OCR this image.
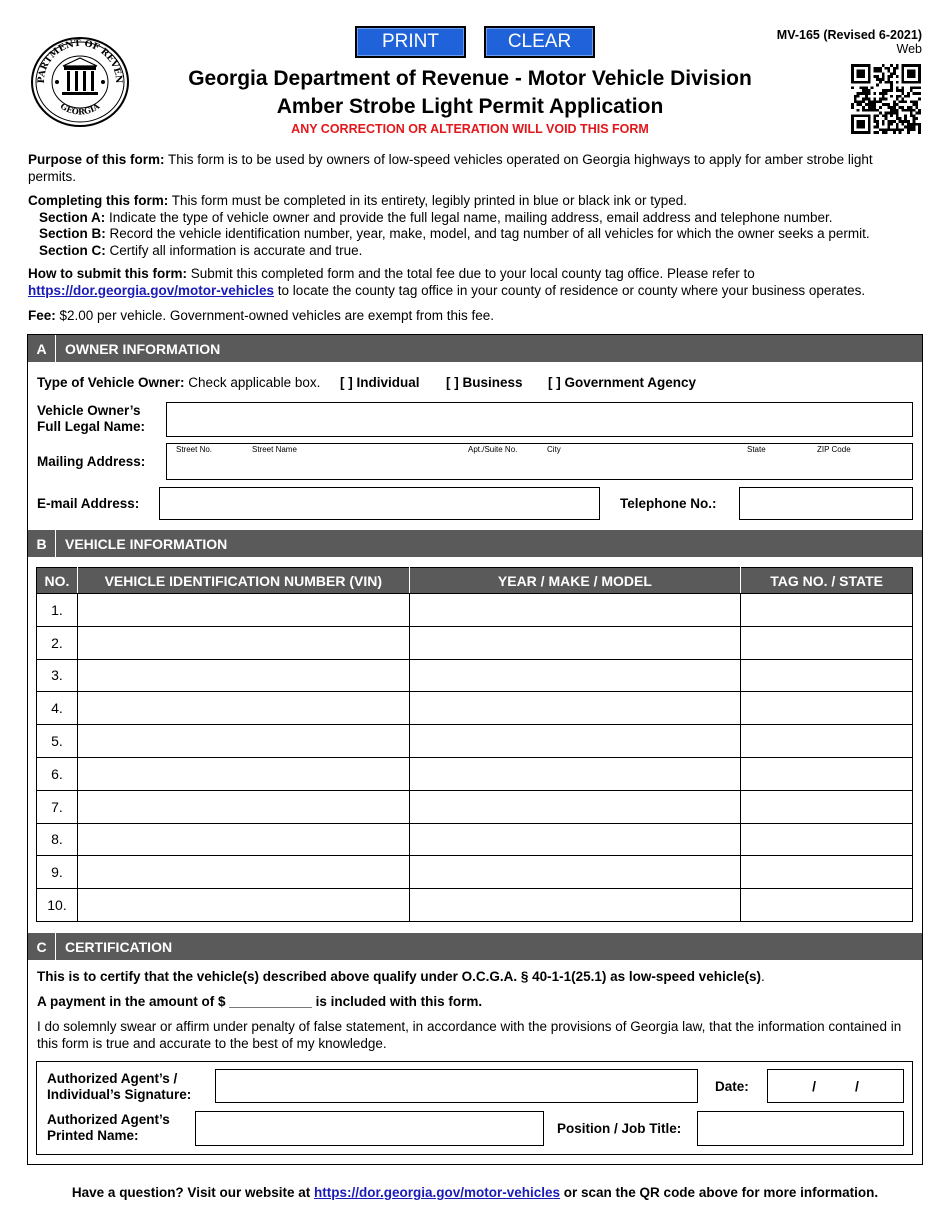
PARTMENT OF REVEN
GEORGIA
PRINT	CLEAR	MV-165 (Revised 6-2021)
Web
Georgia Department of Revenue - Motor Vehicle Division
Amber Strobe Light Permit Application
ANY CORRECTION OR ALTERATION WILL VOID THIS FORM
Purpose of this form: This form is to be used by owners of low-speed vehicles operated on Georgia highways to apply for amber strobe light permits.
Completing this form: This form must be completed in its entirety, legibly printed in blue or black ink or typed.
Section A: Indicate the type of vehicle owner and provide the full legal name, mailing address, email address and telephone number.
Section B: Record the vehicle identification number, year, make, model, and tag number of all vehicles for which the owner seeks a permit.
Section C: Certify all information is accurate and true.
How to submit this form: Submit this completed form and the total fee due to your local county tag office. Please refer to
https://dor.georgia.gov/motor-vehicles to locate the county tag office in your county of residence or county where your business operates.
Fee: $2.00 per vehicle. Government-owned vehicles are exempt from this fee.
A	OWNER INFORMATION
Type of Vehicle Owner: Check applicable box. [ ] Individual [ ] Business [ ] Government Agency
Vehicle Owner’s
Full Legal Name:
Mailing Address:
Street No.	Street Name	Apt./Suite No.	City	State	ZIP Code
E-mail Address:	Telephone No.:
B	VEHICLE INFORMATION
NO.	VEHICLE IDENTIFICATION NUMBER (VIN)	YEAR / MAKE / MODEL	TAG NO. / STATE
1.			
2.			
3.			
4.			
5.			
6.			
7.			
8.			
9.			
10.			
C	CERTIFICATION
This is to certify that the vehicle(s) described above qualify under O.C.G.A. § 40-1-1(25.1) as low-speed vehicle(s).
A payment in the amount of $ ___________ is included with this form.
I do solemnly swear or affirm under penalty of false statement, in accordance with the provisions of Georgia law, that the information contained in this form is true and accurate to the best of my knowledge.
Authorized Agent’s /
Individual’s Signature:
Date:	/          /
Authorized Agent’s
Printed Name:	Position / Job Title:
Have a question? Visit our website at https://dor.georgia.gov/motor-vehicles or scan the QR code above for more information.
